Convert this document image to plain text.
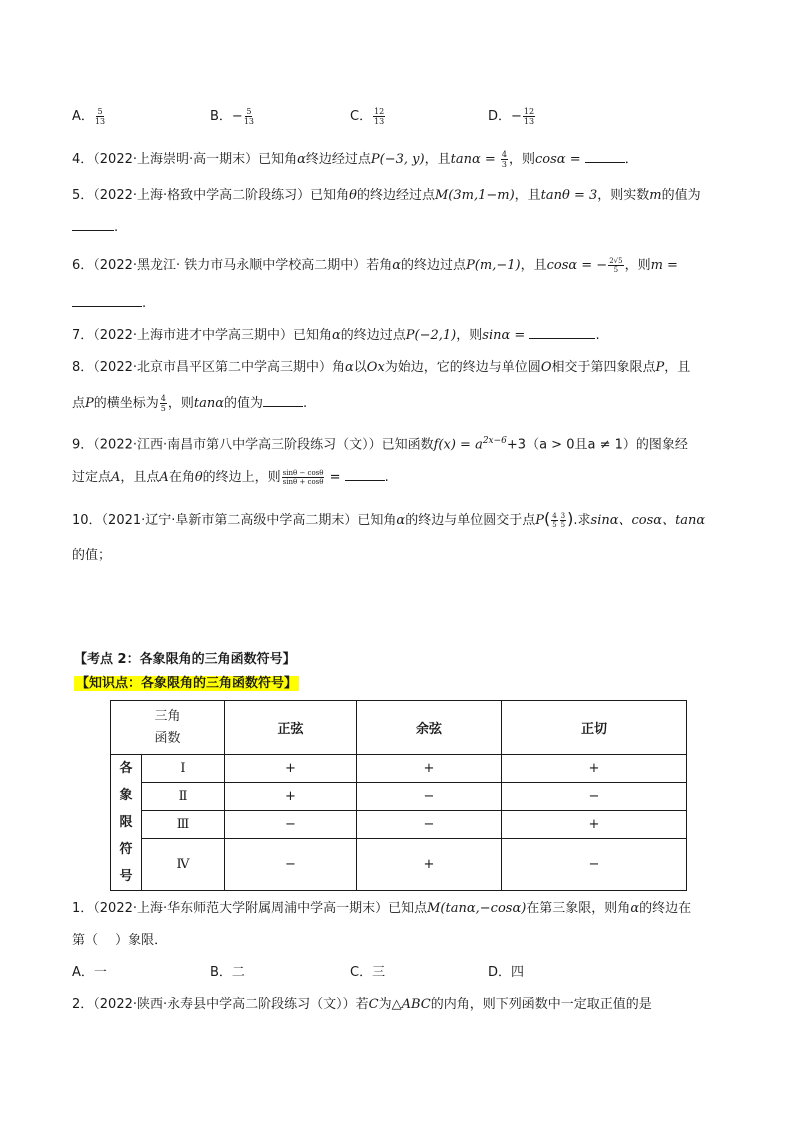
A． $\frac{5}{13}$	B．− $\frac{5}{13}$	C． $\frac{12}{13}$	D．− $\frac{12}{13}$
4．（2022·上海崇明·高一期末）已知角α终边经过点P(−3, y)，且$\tan\alpha = \frac{4}{3}$ ，则cosα =	．
5．（2022·上海·格致中学高二阶段练习）已知角θ的终边经过点M(3m,1−m)，且tanθ = 3，则实数m的值为
.
6．（2022·黑龙江· 铁力市马永顺中学校高二期中）若角α的终边过点P(m,−1)，且cosα = − $\frac{2√5}{5}$ ，则m =
.
7．（2022·上海市进才中学高三期中）已知角α的终边过点P(−2,1)，则sinα =	.
8．（2022·北京市昌平区第二中学高三期中）角α以Ox为始边，它的终边与单位圆O相交于第四象限点P，且
点P的横坐标为 $\frac{4}{5}$ ，则tanα的值为	.
9．（2022·江西·南昌市第八中学高三阶段练习（文））已知函数$f(x) = a^{2x-6}+3(a > 0$且a ≠ 1）的图象经
过定点A，且点A在角θ的终边上，则 $\frac{\sin\theta - \cos\theta}{\sin\theta + \cos\theta}$ =	.
10．（2021·辽宁·阜新市第二高级中学高二期末）已知角α的终边与单位圆交于点$P( \frac{4}{5} \frac{3}{5}$ ).求sinα、cosα、tanα
的值；
【考点 2：各象限角的三角函数符号】
【知识点：各象限角的三角函数符号】
三角
函数		正弦	余弦	正切

各
象
限
符
号	Ⅰ	+	+	+
	Ⅱ	+	−	−
	Ⅲ	−	−	+
	Ⅳ	−	+	−
1．（2022·上海·华东师范大学附属周浦中学高一期末）已知点M(tanα,−cosα)在第三象限，则角α的终边在
第（　 ）象限．
A．一	B．二	C．三	D．四
2．（2022·陕西·永寿县中学高二阶段练习（文））若C为△ABC的内角，则下列函数中一定取正值的是
